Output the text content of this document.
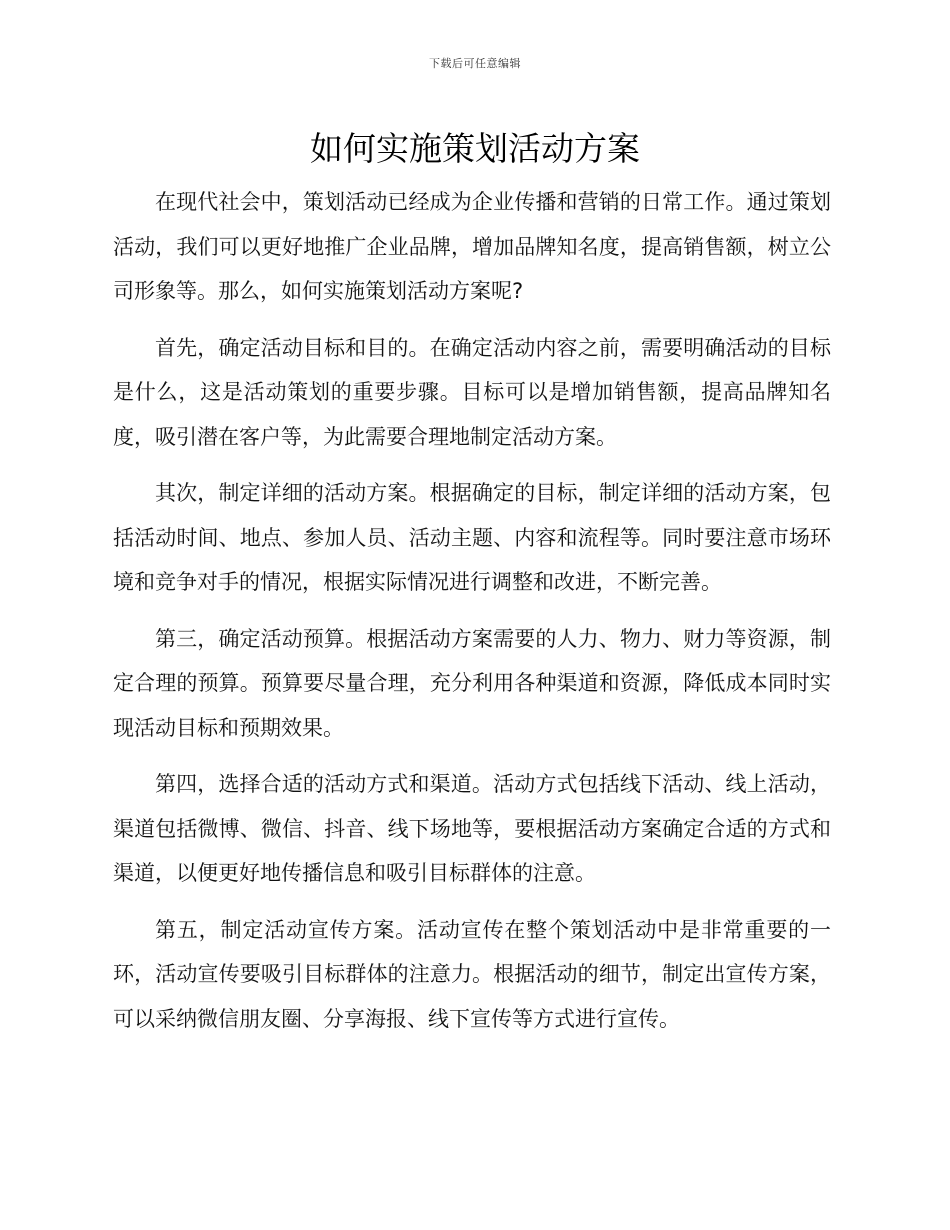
下载后可任意编辑
如何实施策划活动方案

在现代社会中，策划活动已经成为企业传播和营销的日常工作。通过策划活动，我们可以更好地推广企业品牌，增加品牌知名度，提高销售额，树立公司形象等。那么，如何实施策划活动方案呢?

首先，确定活动目标和目的。在确定活动内容之前，需要明确活动的目标是什么，这是活动策划的重要步骤。目标可以是增加销售额，提高品牌知名度，吸引潜在客户等，为此需要合理地制定活动方案。

其次，制定详细的活动方案。根据确定的目标，制定详细的活动方案，包括活动时间、地点、参加人员、活动主题、内容和流程等。同时要注意市场环境和竞争对手的情况，根据实际情况进行调整和改进，不断完善。

第三，确定活动预算。根据活动方案需要的人力、物力、财力等资源，制定合理的预算。预算要尽量合理，充分利用各种渠道和资源，降低成本同时实现活动目标和预期效果。

第四，选择合适的活动方式和渠道。活动方式包括线下活动、线上活动，渠道包括微博、微信、抖音、线下场地等，要根据活动方案确定合适的方式和渠道，以便更好地传播信息和吸引目标群体的注意。

第五，制定活动宣传方案。活动宣传在整个策划活动中是非常重要的一环，活动宣传要吸引目标群体的注意力。根据活动的细节，制定出宣传方案，可以采纳微信朋友圈、分享海报、线下宣传等方式进行宣传。
